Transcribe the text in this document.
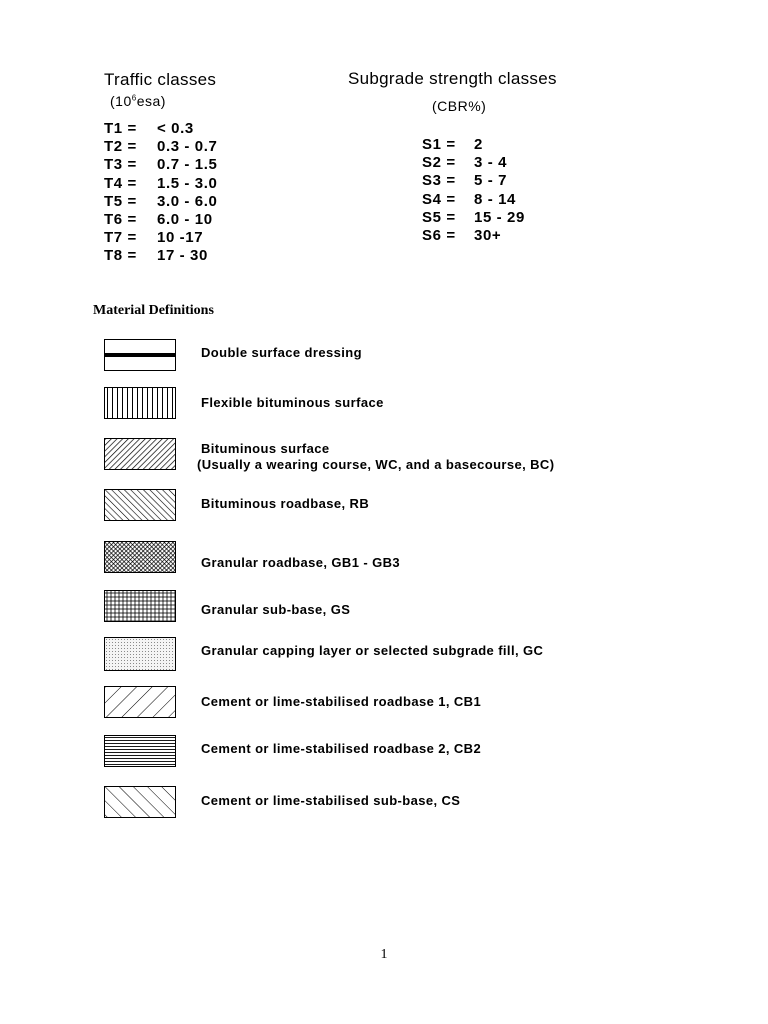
Traffic classes
$(10^6esa)$
T1 = < 0.3
T2 = 0.3 - 0.7
T3 = 0.7 - 1.5
T4 = 1.5 - 3.0
T5 = 3.0 - 6.0
T6 = 6.0 - 10
T7 = 10 -17
T8 = 17 - 30
Subgrade strength classes
(CBR%)
S1 = 2
S2 = 3 - 4
S3 = 5 - 7
S4 = 8 - 14
S5 = 15 - 29
S6 = 30+
Material Definitions
Double surface dressing
Flexible bituminous surface
Bituminous surface
(Usually a wearing course, WC, and a basecourse, BC)
Bituminous roadbase, RB
Granular roadbase, GB1 - GB3
Granular sub-base, GS
Granular capping layer or selected subgrade fill, GC
Cement or lime-stabilised roadbase 1, CB1
Cement or lime-stabilised roadbase 2, CB2
Cement or lime-stabilised sub-base, CS
1
